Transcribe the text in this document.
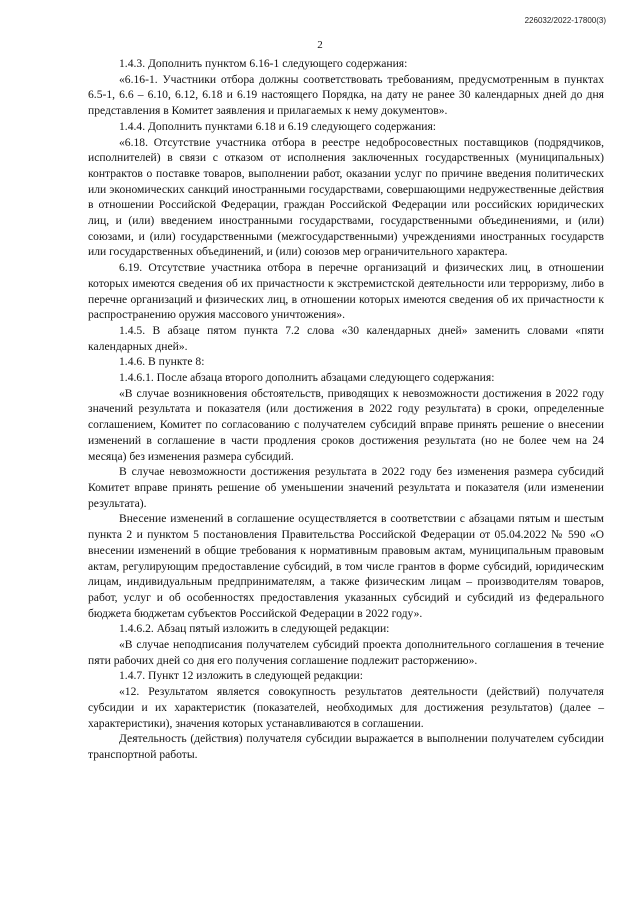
226032/2022-17800(3)
2

1.4.3. Дополнить пунктом 6.16-1 следующего содержания:

«6.16-1. Участники отбора должны соответствовать требованиям, предусмотренным в пунктах 6.5-1, 6.6 – 6.10, 6.12, 6.18 и 6.19 настоящего Порядка, на дату не ранее 30 календарных дней до дня представления в Комитет заявления и прилагаемых к нему документов».

1.4.4. Дополнить пунктами 6.18 и 6.19 следующего содержания:

«6.18. Отсутствие участника отбора в реестре недобросовестных поставщиков (подрядчиков, исполнителей) в связи с отказом от исполнения заключенных государственных (муниципальных) контрактов о поставке товаров, выполнении работ, оказании услуг по причине введения политических или экономических санкций иностранными государствами, совершающими недружественные действия в отношении Российской Федерации, граждан Российской Федерации или российских юридических лиц, и (или) введением иностранными государствами, государственными объединениями, и (или) союзами, и (или) государственными (межгосударственными) учреждениями иностранных государств или государственных объединений, и (или) союзов мер ограничительного характера.

6.19. Отсутствие участника отбора в перечне организаций и физических лиц, в отношении которых имеются сведения об их причастности к экстремистской деятельности или терроризму, либо в перечне организаций и физических лиц, в отношении которых имеются сведения об их причастности к распространению оружия массового уничтожения».

1.4.5. В абзаце пятом пункта 7.2 слова «30 календарных дней» заменить словами «пяти календарных дней».

1.4.6. В пункте 8:

1.4.6.1. После абзаца второго дополнить абзацами следующего содержания:

«В случае возникновения обстоятельств, приводящих к невозможности достижения в 2022 году значений результата и показателя (или достижения в 2022 году результата) в сроки, определенные соглашением, Комитет по согласованию с получателем субсидий вправе принять решение о внесении изменений в соглашение в части продления сроков достижения результата (но не более чем на 24 месяца) без изменения размера субсидий.

В случае невозможности достижения результата в 2022 году без изменения размера субсидий Комитет вправе принять решение об уменьшении значений результата и показателя (или изменении результата).

Внесение изменений в соглашение осуществляется в соответствии с абзацами пятым и шестым пункта 2 и пунктом 5 постановления Правительства Российской Федерации от 05.04.2022 № 590 «О внесении изменений в общие требования к нормативным правовым актам, муниципальным правовым актам, регулирующим предоставление субсидий, в том числе грантов в форме субсидий, юридическим лицам, индивидуальным предпринимателям, а также физическим лицам – производителям товаров, работ, услуг и об особенностях предоставления указанных субсидий и субсидий из федерального бюджета бюджетам субъектов Российской Федерации в 2022 году».

1.4.6.2. Абзац пятый изложить в следующей редакции:

«В случае неподписания получателем субсидий проекта дополнительного соглашения в течение пяти рабочих дней со дня его получения соглашение подлежит расторжению».

1.4.7. Пункт 12 изложить в следующей редакции:

«12. Результатом является совокупность результатов деятельности (действий) получателя субсидии и их характеристик (показателей, необходимых для достижения результатов) (далее – характеристики), значения которых устанавливаются в соглашении.

Деятельность (действия) получателя субсидии выражается в выполнении получателем субсидии транспортной работы.
